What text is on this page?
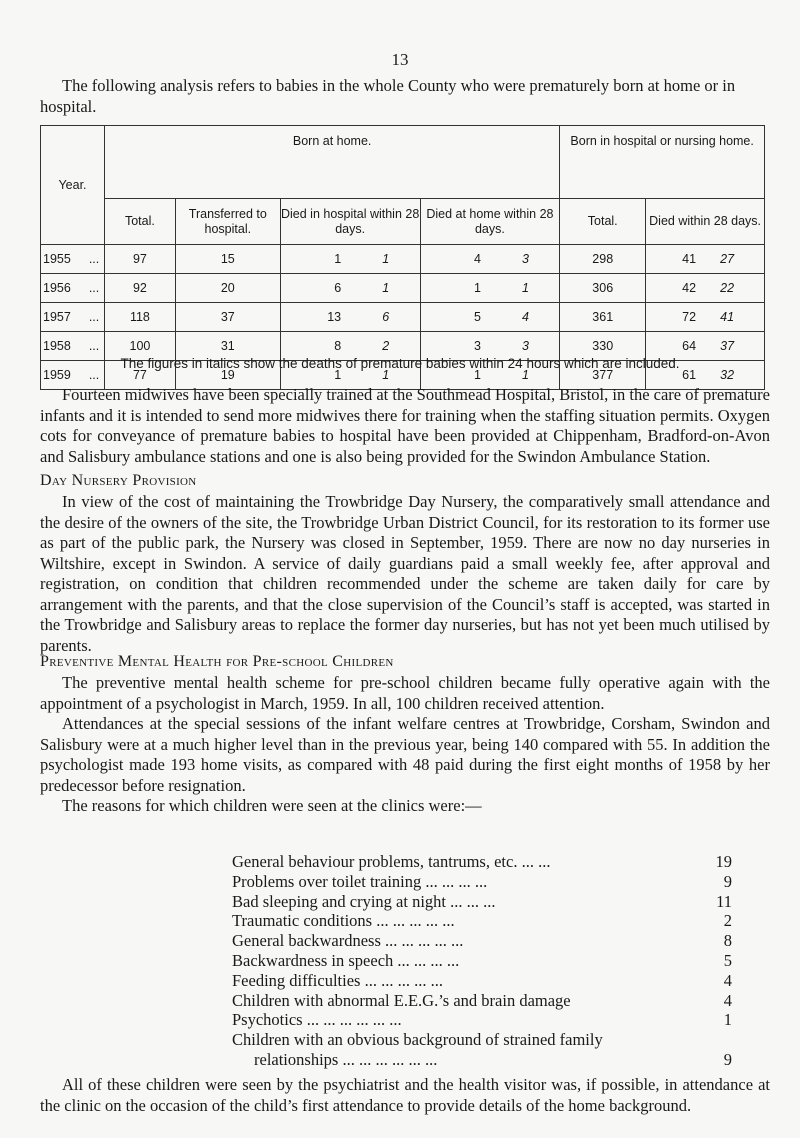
13

The following analysis refers to babies in the whole County who were prematurely born at home or in hospital.

Year.	Born at home.				Born in hospital or nursing home.	
	Total.	Transferred to hospital.	Died in hospital within 28 days.	Died at home within 28 days.	Total.	Died within 28 days.
1955 ...	97	15	1 1	4 3	298	41 27
1956 ...	92	20	6 1	1 1	306	42 22
1957 ...	118	37	13 6	5 4	361	72 41
1958 ...	100	31	8 2	3 3	330	64 37
1959 ...	77	19	1 1	1 1	377	61 32
The figures in italics show the deaths of premature babies within 24 hours which are included.

Fourteen midwives have been specially trained at the Southmead Hospital, Bristol, in the care of premature infants and it is intended to send more midwives there for training when the staffing situation permits. Oxygen cots for conveyance of premature babies to hospital have been provided at Chippenham, Bradford-on-Avon and Salisbury ambulance stations and one is also being provided for the Swindon Ambulance Station.

Day Nursery Provision

In view of the cost of maintaining the Trowbridge Day Nursery, the comparatively small attendance and the desire of the owners of the site, the Trowbridge Urban District Council, for its restoration to its former use as part of the public park, the Nursery was closed in September, 1959. There are now no day nurseries in Wiltshire, except in Swindon. A service of daily guardians paid a small weekly fee, after approval and registration, on condition that children recommended under the scheme are taken daily for care by arrangement with the parents, and that the close supervision of the Council’s staff is accepted, was started in the Trowbridge and Salisbury areas to replace the former day nurseries, but has not yet been much utilised by parents.

Preventive Mental Health for Pre-school Children

The preventive mental health scheme for pre-school children became fully operative again with the appointment of a psychologist in March, 1959. In all, 100 children received attention.

Attendances at the special sessions of the infant welfare centres at Trowbridge, Corsham, Swindon and Salisbury were at a much higher level than in the previous year, being 140 compared with 55. In addition the psychologist made 193 home visits, as compared with 48 paid during the first eight months of 1958 by her predecessor before resignation.

The reasons for which children were seen at the clinics were:—

General behaviour problems, tantrums, etc. ... ...	19
Problems over toilet training ... ... ... ...	9
Bad sleeping and crying at night ... ... ...	11
Traumatic conditions ... ... ... ... ...	2
General backwardness ... ... ... ... ...	8
Backwardness in speech ... ... ... ...	5
Feeding difficulties ... ... ... ... ...	4
Children with abnormal E.E.G.’s and brain damage	4
Psychotics ... ... ... ... ... ...	1
Children with an obvious background of strained family
relationships ... ... ... ... ... ...	9

All of these children were seen by the psychiatrist and the health visitor was, if possible, in attendance at the clinic on the occasion of the child’s first attendance to provide details of the home background.
